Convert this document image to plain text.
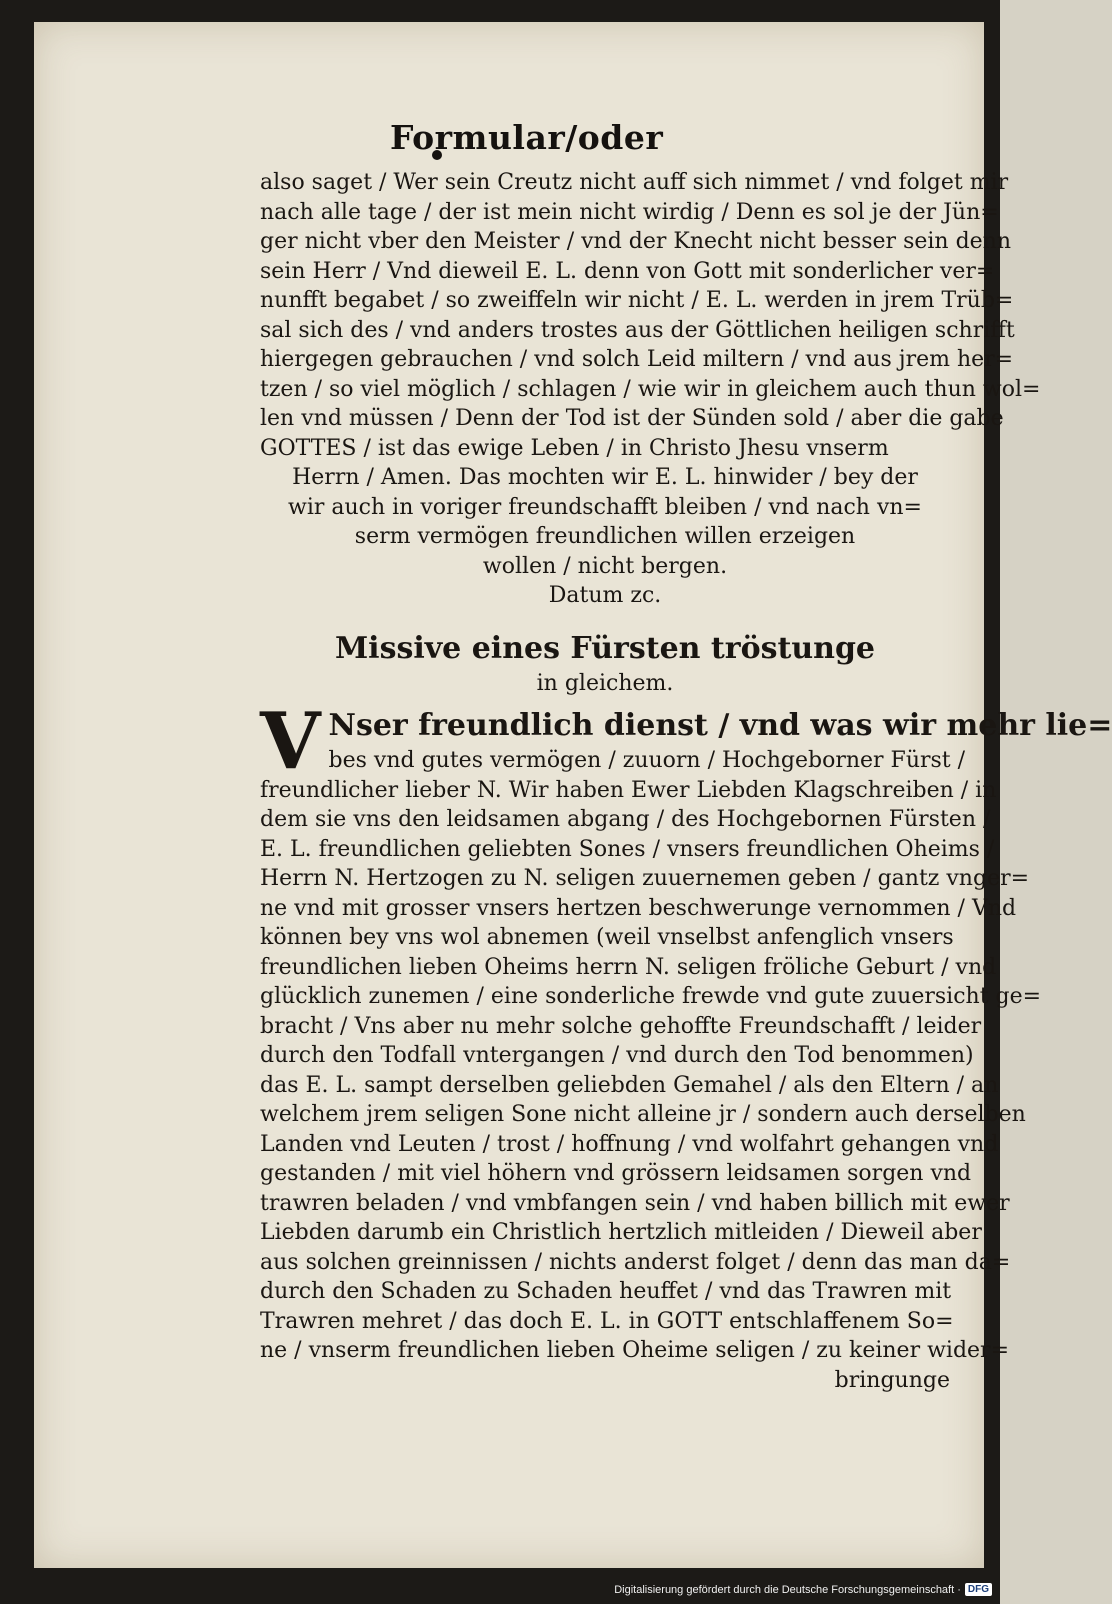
Formular/oder
also saget / Wer sein Creutz nicht auff sich nimmet / vnd folget mir
nach alle tage / der ist mein nicht wirdig / Denn es sol je der Jün=
ger nicht vber den Meister / vnd der Knecht nicht besser sein denn
sein Herr / Vnd dieweil E. L. denn von Gott mit sonderlicher ver=
nunfft begabet / so zweiffeln wir nicht / E. L. werden in jrem Trüb=
sal sich des / vnd anders trostes aus der Göttlichen heiligen schrifft
hiergegen gebrauchen / vnd solch Leid miltern / vnd aus jrem her=
tzen / so viel möglich / schlagen / wie wir in gleichem auch thun wol=
len vnd müssen / Denn der Tod ist der Sünden sold / aber die gabe
GOTTES / ist das ewige Leben / in Christo Jhesu vnserm
Herrn / Amen. Das mochten wir E. L. hinwider / bey der
wir auch in voriger freundschafft bleiben / vnd nach vn=
serm vermögen freundlichen willen erzeigen
wollen / nicht bergen.
Datum zc.
Missive eines Fürsten tröstunge
in gleichem.
V Nser freundlich dienst / vnd was wir mehr lie=
bes vnd gutes vermögen / zuuorn / Hochgeborner Fürst /
freundlicher lieber N. Wir haben Ewer Liebden Klagschreiben / in
dem sie vns den leidsamen abgang / des Hochgebornen Fürsten /
E. L. freundlichen geliebten Sones / vnsers freundlichen Oheims /
Herrn N. Hertzogen zu N. seligen zuuernemen geben / gantz vnger=
ne vnd mit grosser vnsers hertzen beschwerunge vernommen / Vnd
können bey vns wol abnemen (weil vnselbst anfenglich vnsers
freundlichen lieben Oheims herrn N. seligen frölichе Geburt / vnd
glücklich zunemen / eine sonderliche frewde vnd gute zuuersicht ge=
bracht / Vns aber nu mehr solche gehoffte Freundschafft / leider
durch den Todfall vntergangen / vnd durch den Tod benommen)
das E. L. sampt derselben geliebden Gemahel / als den Eltern / an
welchem jrem seligen Sone nicht alleine jr / sondern auch derselben
Landen vnd Leuten / trost / hoffnung / vnd wolfahrt gehangen vnd
gestanden / mit viel höhern vnd grössern leidsamen sorgen vnd
trawren beladen / vnd vmbfangen sein / vnd haben billich mit ewer
Liebden darumb ein Christlich hertzlich mitleiden / Dieweil aber
aus solchen greinnissen / nichts anderst folget / denn das man da=
durch den Schaden zu Schaden heuffet / vnd das Trawren mit
Trawren mehret / das doch E. L. in GOTT entschlaffenem So=
ne / vnserm freundlichen lieben Oheime seligen / zu keiner wider=
bringunge
Digitalisierung gefördert durch die Deutsche Forschungsgemeinschaft · DFG
